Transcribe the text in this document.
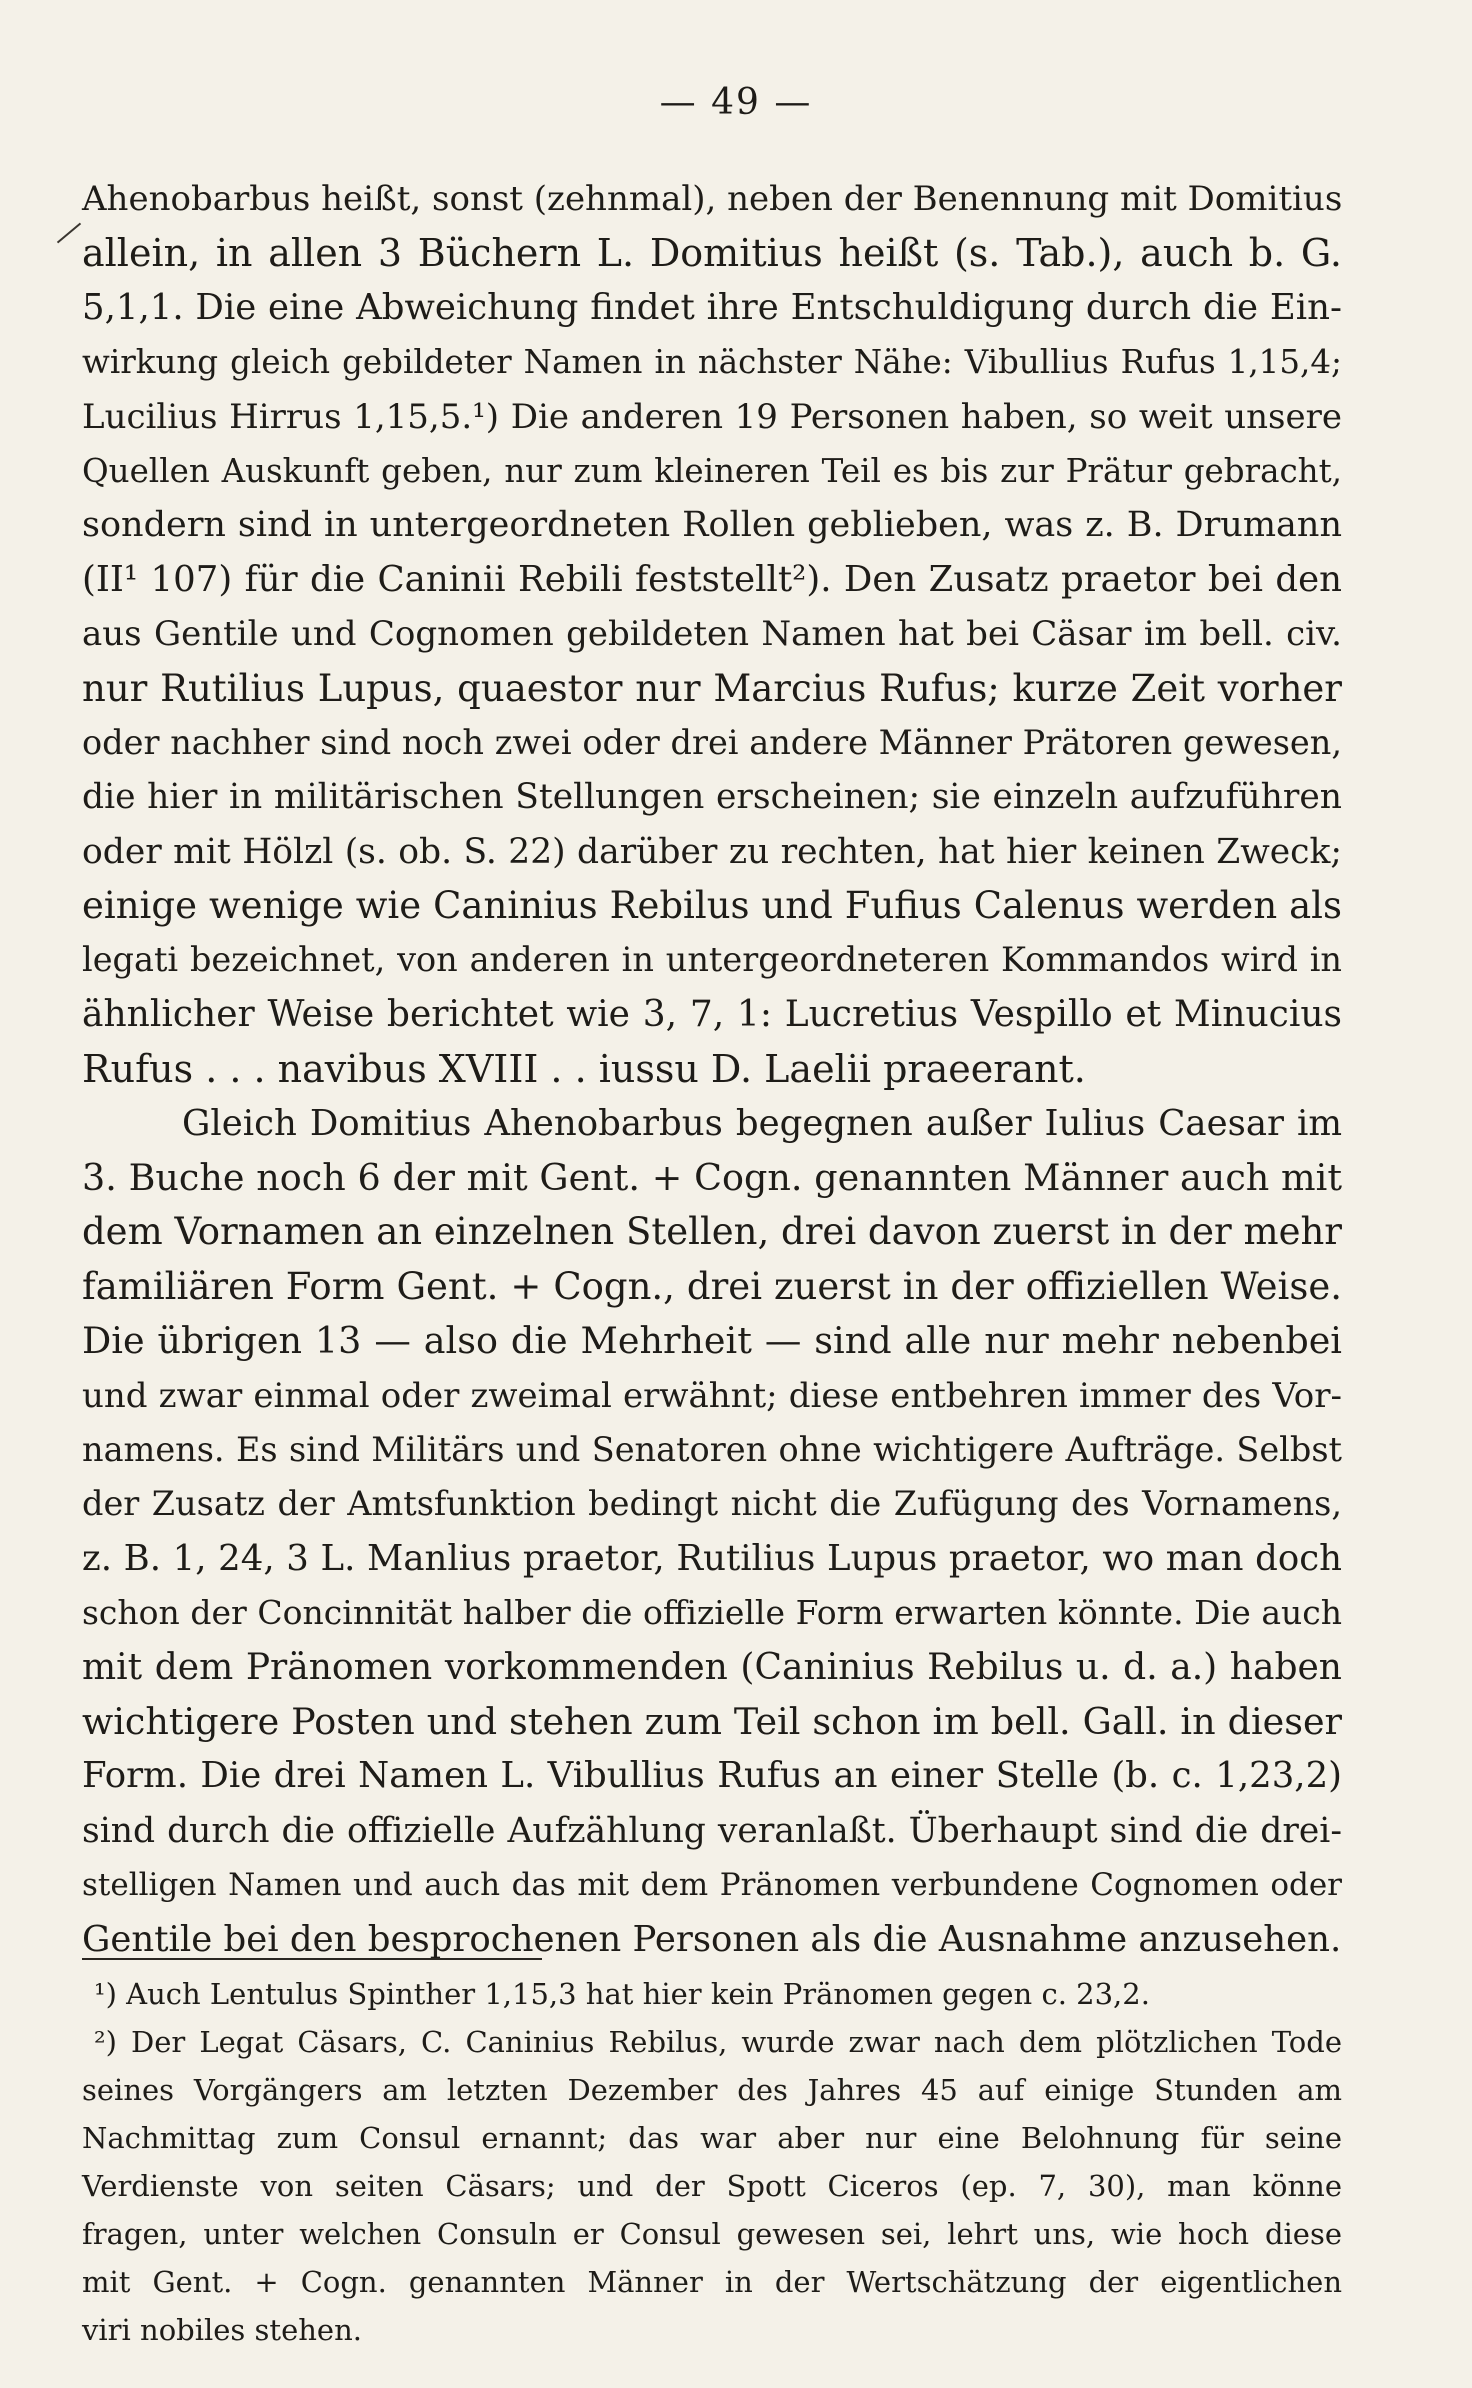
— 49 —
Ahenobarbus heißt, sonst (zehnmal), neben der Benennung mit Domitius
allein, in allen 3 Büchern L. Domitius heißt (s. Tab.), auch b. G.
5,1,1. Die eine Abweichung findet ihre Entschuldigung durch die Ein-
wirkung gleich gebildeter Namen in nächster Nähe: Vibullius Rufus 1,15,4;
Lucilius Hirrus 1,15,5.¹) Die anderen 19 Personen haben, so weit unsere
Quellen Auskunft geben, nur zum kleineren Teil es bis zur Prätur gebracht,
sondern sind in untergeordneten Rollen geblieben, was z. B. Drumann
(II¹ 107) für die Caninii Rebili feststellt²). Den Zusatz praetor bei den
aus Gentile und Cognomen gebildeten Namen hat bei Cäsar im bell. civ.
nur Rutilius Lupus, quaestor nur Marcius Rufus; kurze Zeit vorher
oder nachher sind noch zwei oder drei andere Männer Prätoren gewesen,
die hier in militärischen Stellungen erscheinen; sie einzeln aufzuführen
oder mit Hölzl (s. ob. S. 22) darüber zu rechten, hat hier keinen Zweck;
einige wenige wie Caninius Rebilus und Fufius Calenus werden als
legati bezeichnet, von anderen in untergeordneteren Kommandos wird in
ähnlicher Weise berichtet wie 3, 7, 1: Lucretius Vespillo et Minucius
Rufus . . . navibus XVIII . . iussu D. Laelii praeerant.
Gleich Domitius Ahenobarbus begegnen außer Iulius Caesar im
3. Buche noch 6 der mit Gent. + Cogn. genannten Männer auch mit
dem Vornamen an einzelnen Stellen, drei davon zuerst in der mehr
familiären Form Gent. + Cogn., drei zuerst in der offiziellen Weise.
Die übrigen 13 — also die Mehrheit — sind alle nur mehr nebenbei
und zwar einmal oder zweimal erwähnt; diese entbehren immer des Vor-
namens. Es sind Militärs und Senatoren ohne wichtigere Aufträge. Selbst
der Zusatz der Amtsfunktion bedingt nicht die Zufügung des Vornamens,
z. B. 1, 24, 3 L. Manlius praetor, Rutilius Lupus praetor, wo man doch
schon der Concinnität halber die offizielle Form erwarten könnte. Die auch
mit dem Pränomen vorkommenden (Caninius Rebilus u. d. a.) haben
wichtigere Posten und stehen zum Teil schon im bell. Gall. in dieser
Form. Die drei Namen L. Vibullius Rufus an einer Stelle (b. c. 1,23,2)
sind durch die offizielle Aufzählung veranlaßt. Überhaupt sind die drei-
stelligen Namen und auch das mit dem Pränomen verbundene Cognomen oder
Gentile bei den besprochenen Personen als die Ausnahme anzusehen.
¹) Auch Lentulus Spinther 1,15,3 hat hier kein Pränomen gegen c. 23,2.
²) Der Legat Cäsars, C. Caninius Rebilus, wurde zwar nach dem plötzlichen Tode
seines Vorgängers am letzten Dezember des Jahres 45 auf einige Stunden am
Nachmittag zum Consul ernannt; das war aber nur eine Belohnung für seine
Verdienste von seiten Cäsars; und der Spott Ciceros (ep. 7, 30), man könne
fragen, unter welchen Consuln er Consul gewesen sei, lehrt uns, wie hoch diese
mit Gent. + Cogn. genannten Männer in der Wertschätzung der eigentlichen
viri nobiles stehen.
